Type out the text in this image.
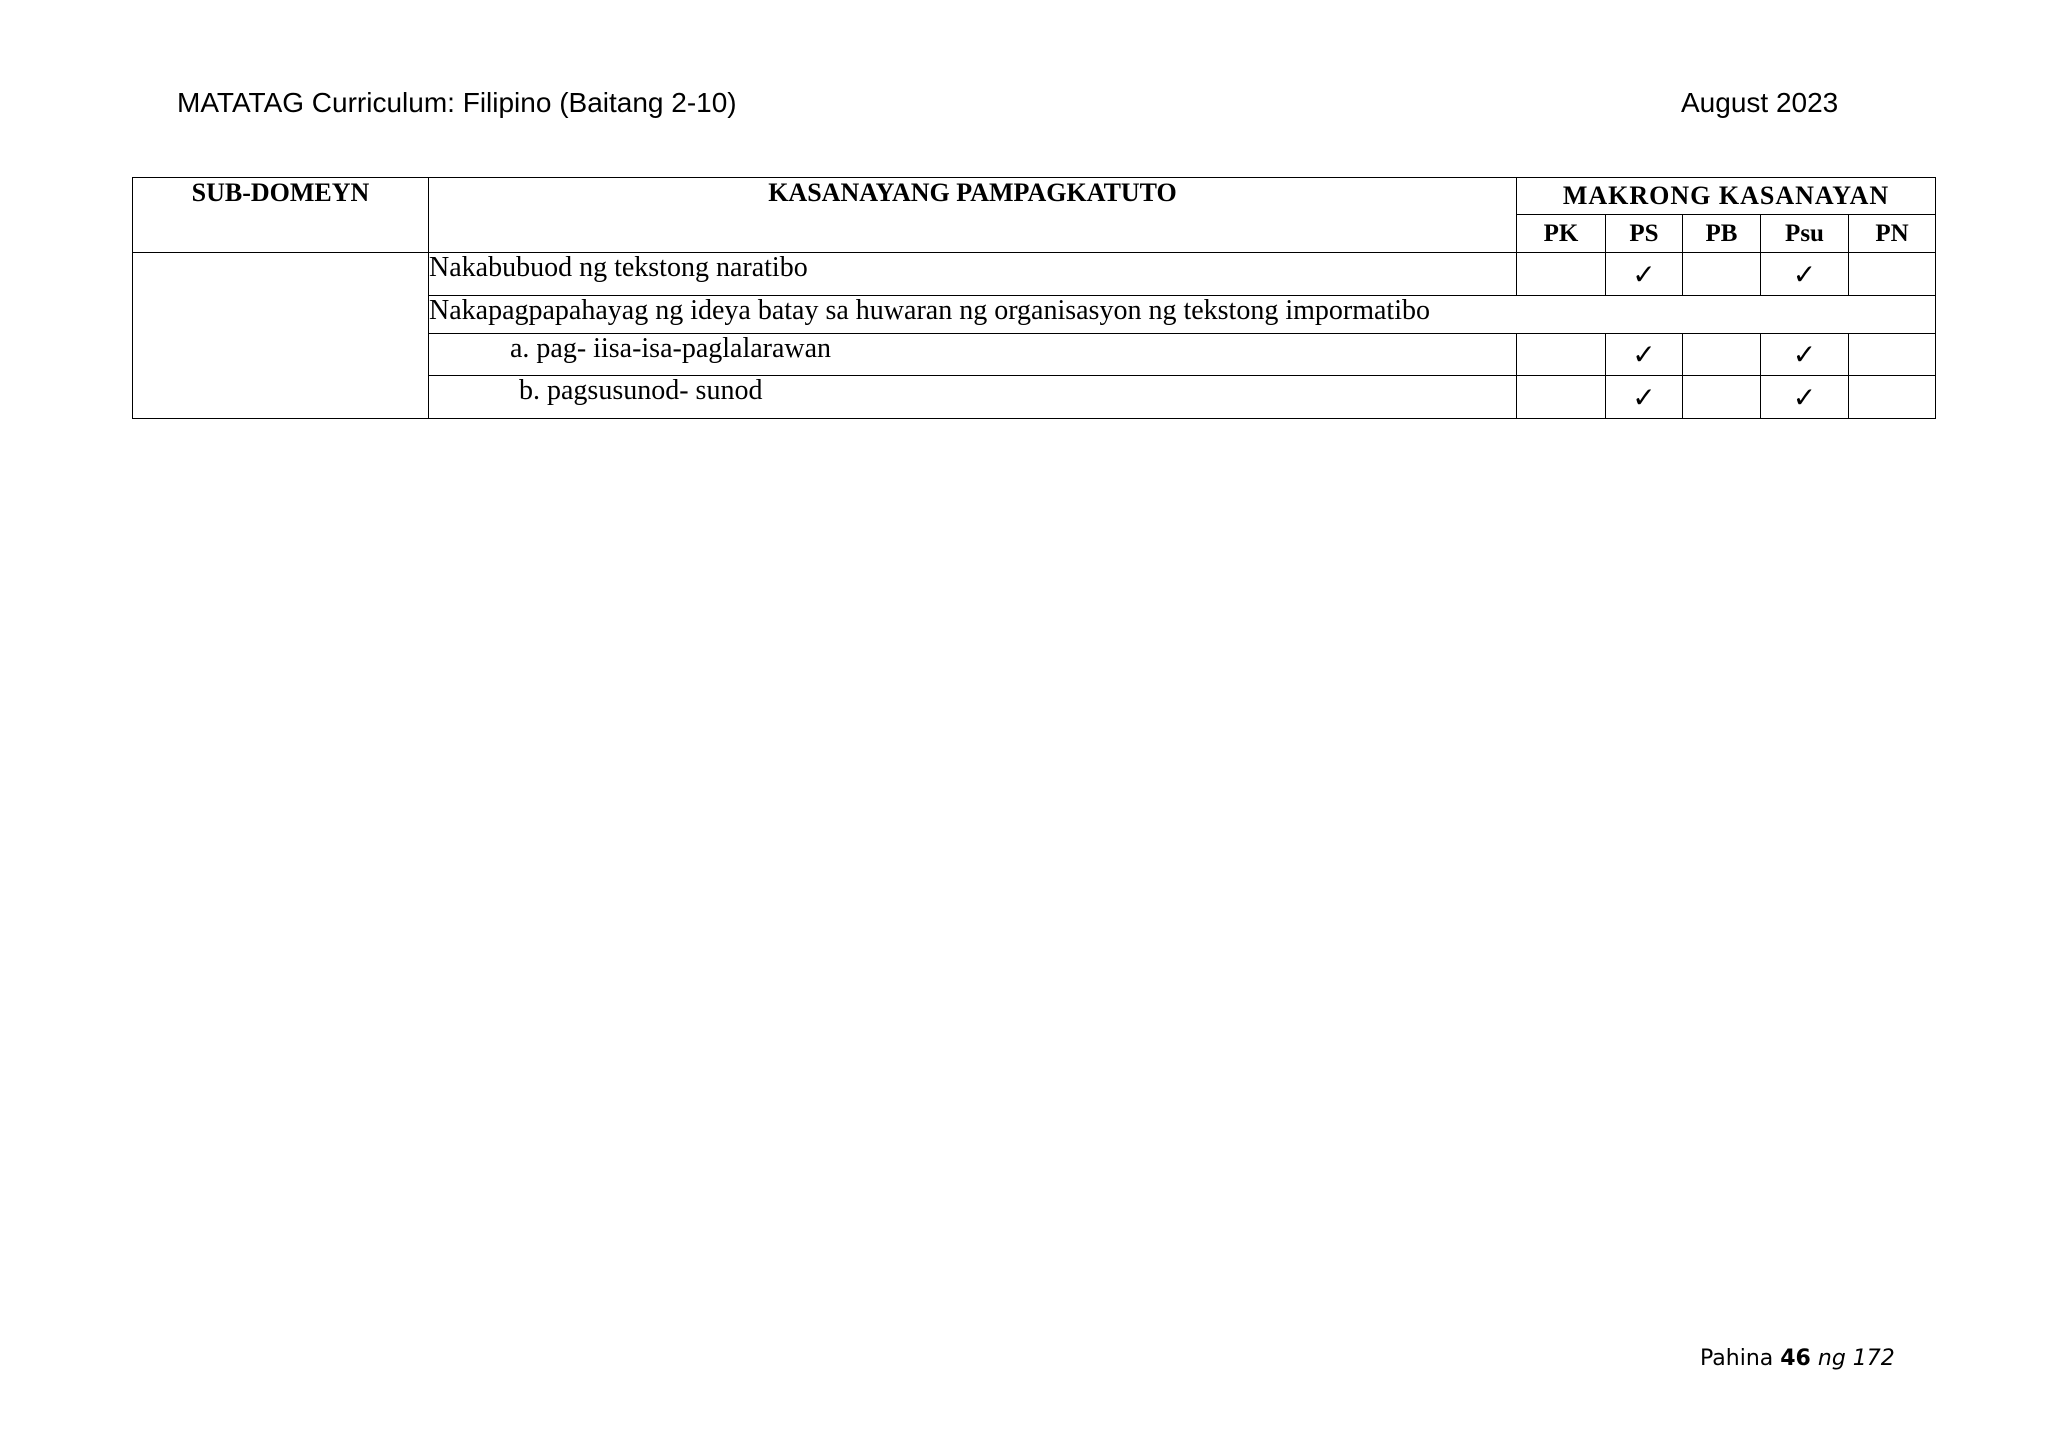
MATATAG Curriculum: Filipino (Baitang 2-10)	August 2023
SUB-DOMEYN	KASANAYANG PAMPAGKATUTO	MAKRONG KASANAYAN				
		PK	PS	PB	Psu	PN
	Nakabubuod ng tekstong naratibo		✓		✓	
	Nakapagpapahayag ng ideya batay sa huwaran ng organisasyon ng tekstong impormatibo					
	a. pag- iisa-isa-paglalarawan		✓		✓	
	b. pagsusunod- sunod		✓		✓	
Pahina 46 ng 172
